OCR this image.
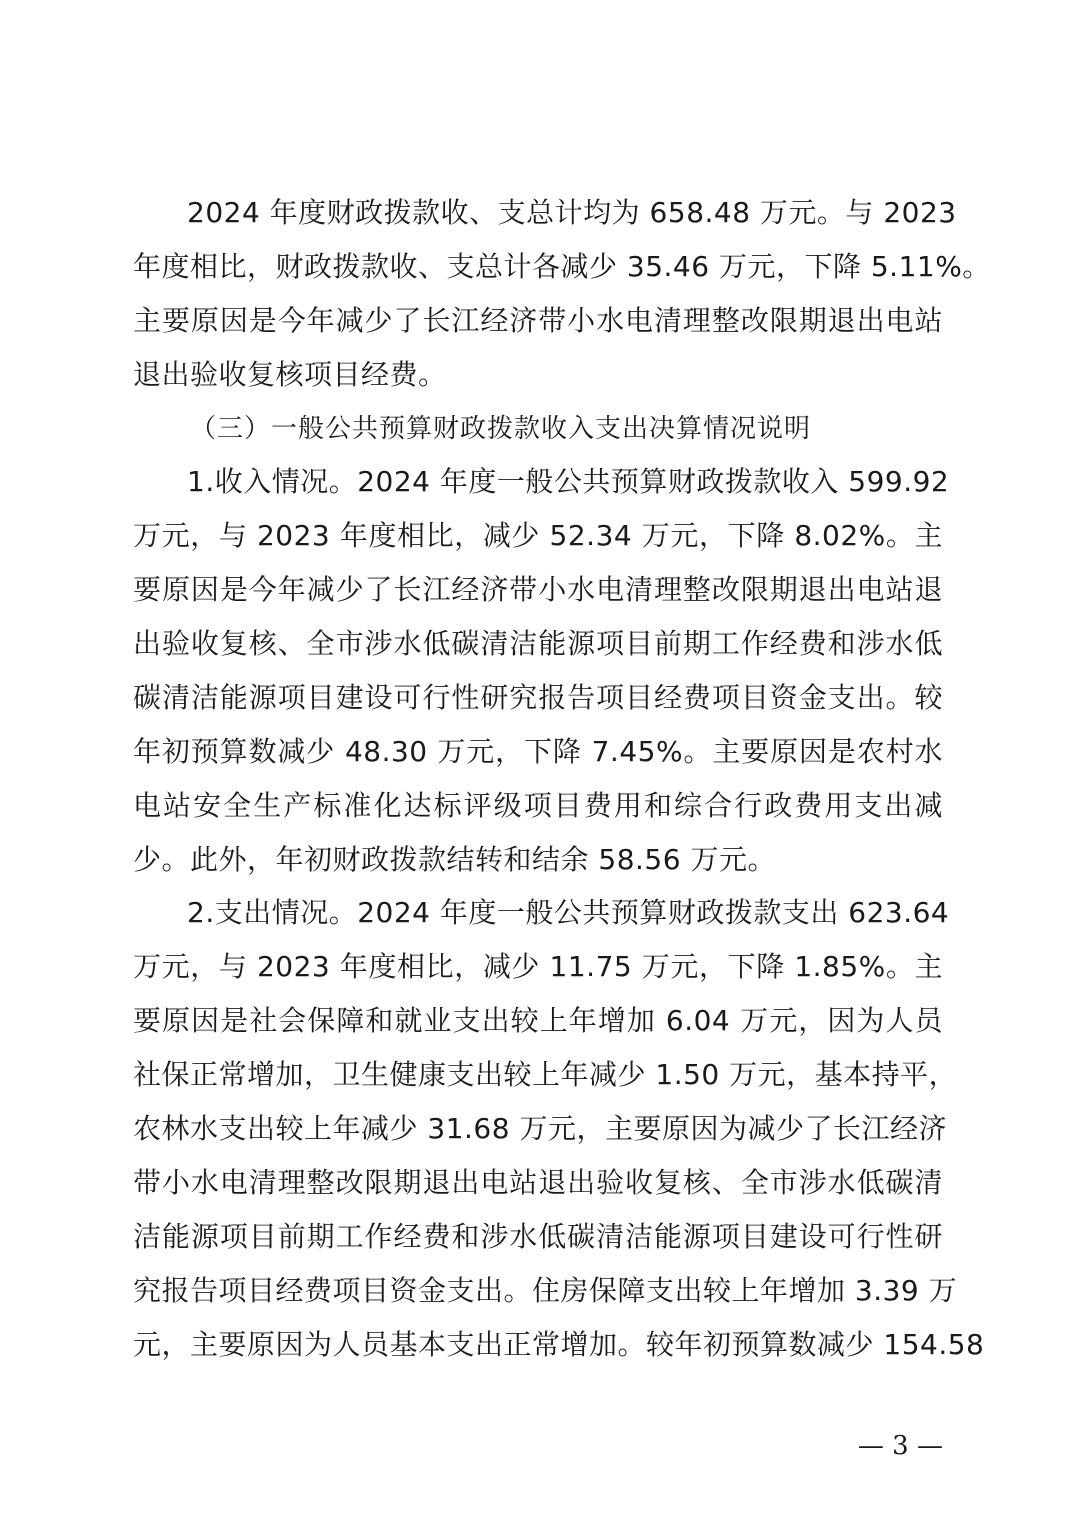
2024 年度财政拨款收、支总计均为 658.48 万元。与 2023
年度相比，财政拨款收、支总计各减少 35.46 万元，下降 5.11%。
主要原因是今年减少了长江经济带小水电清理整改限期退出电站
退出验收复核项目经费。
（三）一般公共预算财政拨款收入支出决算情况说明
1.收入情况。2024 年度一般公共预算财政拨款收入 599.92
万元，与 2023 年度相比，减少 52.34 万元，下降 8.02%。主
要原因是今年减少了长江经济带小水电清理整改限期退出电站退
出验收复核、全市涉水低碳清洁能源项目前期工作经费和涉水低
碳清洁能源项目建设可行性研究报告项目经费项目资金支出。较
年初预算数减少 48.30 万元，下降 7.45%。主要原因是农村水
电站安全生产标准化达标评级项目费用和综合行政费用支出减
少。此外，年初财政拨款结转和结余 58.56 万元。
2.支出情况。2024 年度一般公共预算财政拨款支出 623.64
万元，与 2023 年度相比，减少 11.75 万元，下降 1.85%。主
要原因是社会保障和就业支出较上年增加 6.04 万元，因为人员
社保正常增加，卫生健康支出较上年减少 1.50 万元，基本持平，
农林水支出较上年减少 31.68 万元，主要原因为减少了长江经济
带小水电清理整改限期退出电站退出验收复核、全市涉水低碳清
洁能源项目前期工作经费和涉水低碳清洁能源项目建设可行性研
究报告项目经费项目资金支出。住房保障支出较上年增加 3.39 万
元，主要原因为人员基本支出正常增加。较年初预算数减少 154.58
— 3 —
